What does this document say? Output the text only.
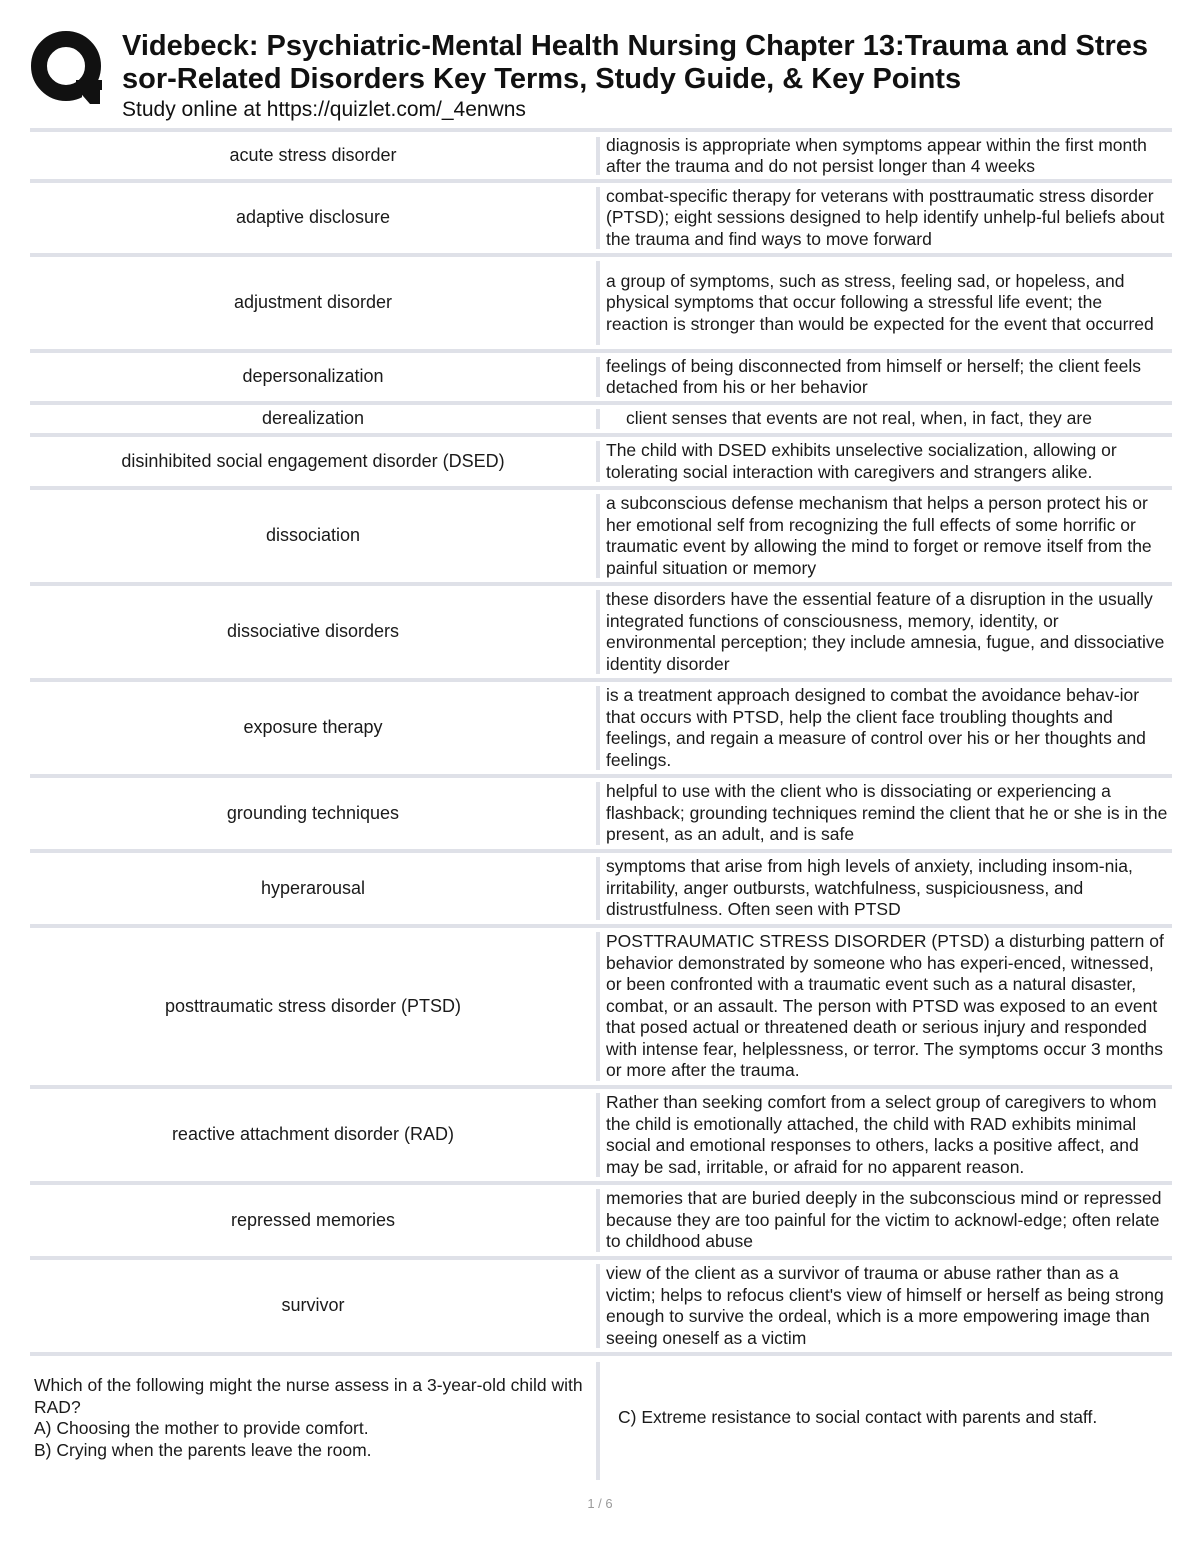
Videbeck: Psychiatric-Mental Health Nursing Chapter 13:Trauma and Stres
sor-Related Disorders Key Terms, Study Guide, & Key Points
Study online at https://quizlet.com/_4enwns
acute stress disorder
diagnosis is appropriate when symptoms appear within the first month after the trauma and do not persist longer than 4 weeks
adaptive disclosure
combat-specific therapy for veterans with posttraumatic stress disorder (PTSD); eight sessions designed to help identify unhelp-ful beliefs about the trauma and find ways to move forward
adjustment disorder
a group of symptoms, such as stress, feeling sad, or hopeless, and physical symptoms that occur following a stressful life event; the reaction is stronger than would be expected for the event that occurred
depersonalization
feelings of being disconnected from himself or herself; the client feels detached from his or her behavior
derealization	client senses that events are not real, when, in fact, they are
disinhibited social engagement disorder (DSED)
The child with DSED exhibits unselective socialization, allowing or tolerating social interaction with caregivers and strangers alike.
dissociation
a subconscious defense mechanism that helps a person protect his or her emotional self from recognizing the full effects of some horrific or traumatic event by allowing the mind to forget or remove itself from the painful situation or memory
dissociative disorders
these disorders have the essential feature of a disruption in the usually integrated functions of consciousness, memory, identity, or environmental perception; they include amnesia, fugue, and dissociative identity disorder
exposure therapy
is a treatment approach designed to combat the avoidance behav-ior that occurs with PTSD, help the client face troubling thoughts and feelings, and regain a measure of control over his or her thoughts and feelings.
grounding techniques
helpful to use with the client who is dissociating or experiencing a flashback; grounding techniques remind the client that he or she is in the present, as an adult, and is safe
hyperarousal
symptoms that arise from high levels of anxiety, including insom-nia, irritability, anger outbursts, watchfulness, suspiciousness, and distrustfulness. Often seen with PTSD
posttraumatic stress disorder (PTSD)
POSTTRAUMATIC STRESS DISORDER (PTSD) a disturbing pattern of behavior demonstrated by someone who has experi-enced, witnessed, or been confronted with a traumatic event such as a natural disaster, combat, or an assault. The person with PTSD was exposed to an event that posed actual or threatened death or serious injury and responded with intense fear, helplessness, or terror. The symptoms occur 3 months or more after the trauma.
reactive attachment disorder (RAD)
Rather than seeking comfort from a select group of caregivers to whom the child is emotionally attached, the child with RAD exhibits minimal social and emotional responses to others, lacks a positive affect, and may be sad, irritable, or afraid for no apparent reason.
repressed memories
memories that are buried deeply in the subconscious mind or repressed because they are too painful for the victim to acknowl-edge; often relate to childhood abuse
survivor
view of the client as a survivor of trauma or abuse rather than as a victim; helps to refocus client's view of himself or herself as being strong enough to survive the ordeal, which is a more empowering image than seeing oneself as a victim
Which of the following might the nurse assess in a 3-year-old child with RAD?
A) Choosing the mother to provide comfort.
B) Crying when the parents leave the room.
C) Extreme resistance to social contact with parents and staff.
1 / 6
